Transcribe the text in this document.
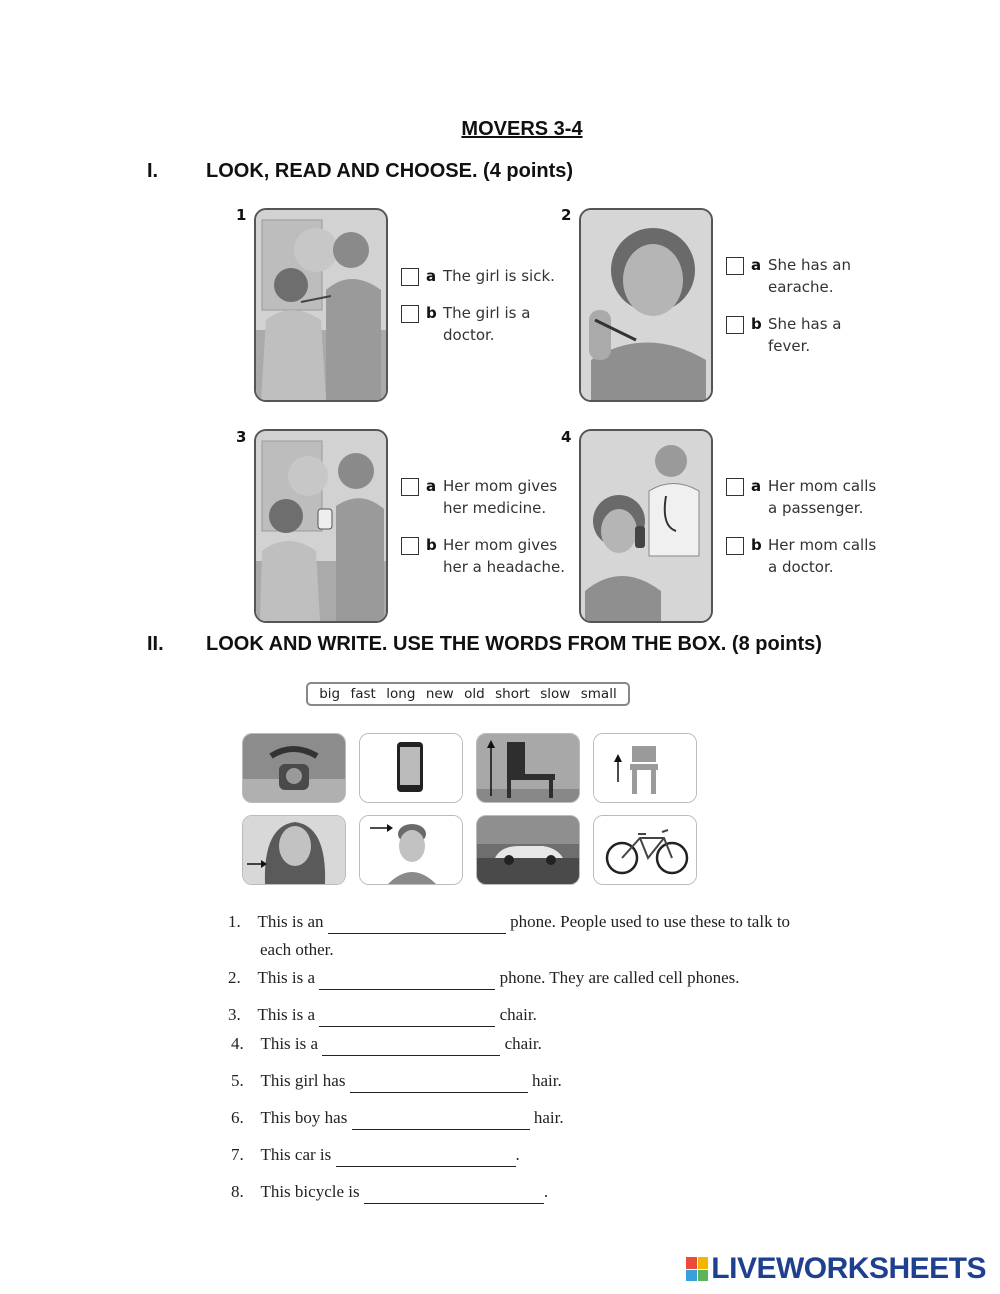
MOVERS 3-4
I. LOOK, READ AND CHOOSE. (4 points)
1
a The girl is sick.
b The girl is a
doctor.
2
a She has an
earache.
b She has a
fever.
3
a Her mom gives
her medicine.
b Her mom gives
her a headache.
4
a Her mom calls
a passenger.
b Her mom calls
a doctor.
II. LOOK AND WRITE. USE THE WORDS FROM THE BOX. (8 points)
big fast long new old short slow small
1. This is an	phone. People used to use these to talk to
each other.
2. This is a	phone. They are called cell phones.
3. This is a	chair.
4. This is a	chair.
5. This girl has	hair.
6. This boy has	hair.
7. This car is	.
8. This bicycle is	.
LIVEWORKSHEETS
